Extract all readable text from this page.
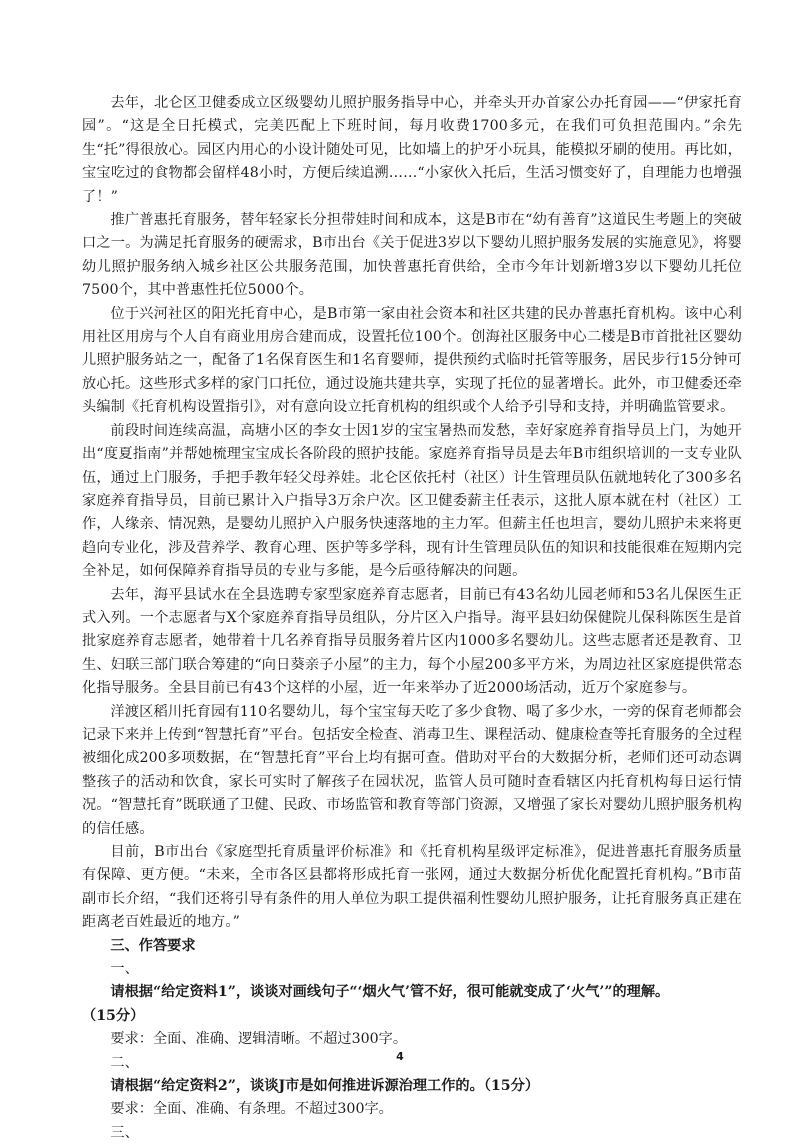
去年，北仑区卫健委成立区级婴幼儿照护服务指导中心，并牵头开办首家公办托育园——“伊家托育园”。“这是全日托模式，完美匹配上下班时间，每月收费1700多元，在我们可负担范围内。”余先生“托”得很放心。园区内用心的小设计随处可见，比如墙上的护牙小玩具，能模拟牙刷的使用。再比如，宝宝吃过的食物都会留样48小时，方便后续追溯……“小家伙入托后，生活习惯变好了，自理能力也增强了！”

推广普惠托育服务，替年轻家长分担带娃时间和成本，这是B市在“幼有善育”这道民生考题上的突破口之一。为满足托育服务的硬需求，B市出台《关于促进3岁以下婴幼儿照护服务发展的实施意见》，将婴幼儿照护服务纳入城乡社区公共服务范围，加快普惠托育供给，全市今年计划新增3岁以下婴幼儿托位7500个，其中普惠性托位5000个。

位于兴河社区的阳光托育中心，是B市第一家由社会资本和社区共建的民办普惠托育机构。该中心利用社区用房与个人自有商业用房合建而成，设置托位100个。创海社区服务中心二楼是B市首批社区婴幼儿照护服务站之一，配备了1名保育医生和1名育婴师，提供预约式临时托管等服务，居民步行15分钟可放心托。这些形式多样的家门口托位，通过设施共建共享，实现了托位的显著增长。此外，市卫健委还牵头编制《托育机构设置指引》，对有意向设立托育机构的组织或个人给予引导和支持，并明确监管要求。

前段时间连续高温，高塘小区的李女士因1岁的宝宝暑热而发愁，幸好家庭养育指导员上门，为她开出“度夏指南”并帮她梳理宝宝成长各阶段的照护技能。家庭养育指导员是去年B市组织培训的一支专业队伍，通过上门服务，手把手教年轻父母养娃。北仑区依托村（社区）计生管理员队伍就地转化了300多名家庭养育指导员，目前已累计入户指导3万余户次。区卫健委薪主任表示，这批人原本就在村（社区）工作，人缘亲、情况熟，是婴幼儿照护入户服务快速落地的主力军。但薪主任也坦言，婴幼儿照护未来将更趋向专业化，涉及营养学、教育心理、医护等多学科，现有计生管理员队伍的知识和技能很难在短期内完全补足，如何保障养育指导员的专业与多能，是今后亟待解决的问题。

去年，海平县试水在全县选聘专家型家庭养育志愿者，目前已有43名幼儿园老师和53名儿保医生正式入列。一个志愿者与X个家庭养育指导员组队，分片区入户指导。海平县妇幼保健院儿保科陈医生是首批家庭养育志愿者，她带着十几名养育指导员服务着片区内1000多名婴幼儿。这些志愿者还是教育、卫生、妇联三部门联合筹建的“向日葵亲子小屋”的主力，每个小屋200多平方米，为周边社区家庭提供常态化指导服务。全县目前已有43个这样的小屋，近一年来举办了近2000场活动，近万个家庭参与。

洋渡区稻川托育园有110名婴幼儿，每个宝宝每天吃了多少食物、喝了多少水，一旁的保育老师都会记录下来并上传到“智慧托育”平台。包括安全检查、消毒卫生、课程活动、健康检查等托育服务的全过程被细化成200多项数据，在“智慧托育”平台上均有据可查。借助对平台的大数据分析，老师们还可动态调整孩子的活动和饮食，家长可实时了解孩子在园状况，监管人员可随时查看辖区内托育机构每日运行情况。“智慧托育”既联通了卫健、民政、市场监管和教育等部门资源，又增强了家长对婴幼儿照护服务机构的信任感。

目前，B市出台《家庭型托育质量评价标准》和《托育机构星级评定标准》，促进普惠托育服务质量有保障、更方便。“未来，全市各区县都将形成托育一张网，通过大数据分析优化配置托育机构。”B市苗副市长介绍，“我们还将引导有条件的用人单位为职工提供福利性婴幼儿照护服务，让托育服务真正建在距离老百姓最近的地方。”

三、作答要求

一、

请根据“给定资料1”，谈谈对画线句子“‘烟火气’管不好，很可能就变成了‘火气’”的理解。

（15分）

要求：全面、准确、逻辑清晰。不超过300字。

二、

请根据“给定资料2”，谈谈J市是如何推进诉源治理工作的。（15分）

要求：全面、准确、有条理。不超过300字。

三、

4
